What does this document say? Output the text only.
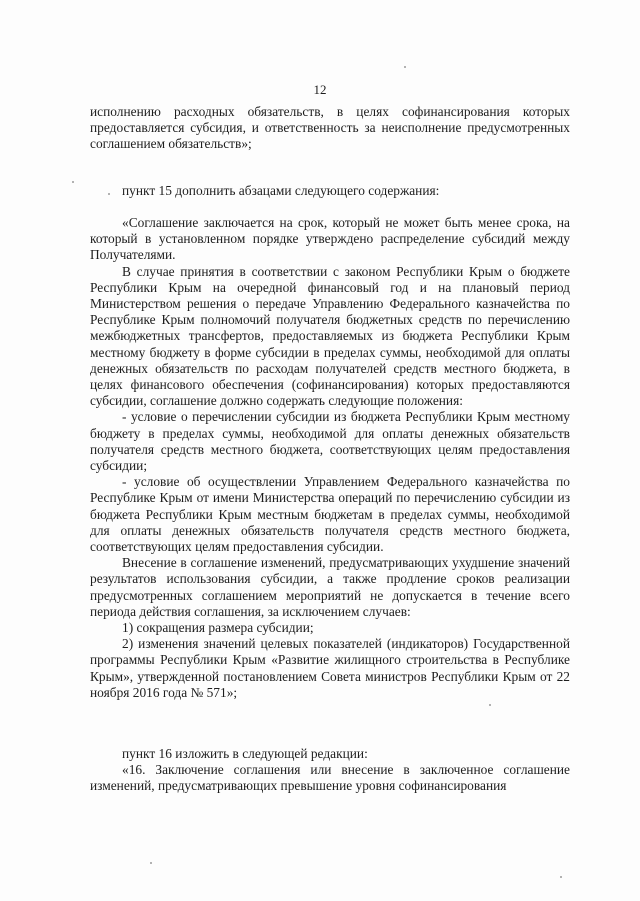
12

исполнению расходных обязательств, в целях софинансирования которых предоставляется субсидия, и ответственность за неисполнение предусмотренных соглашением обязательств»;

пункт 15 дополнить абзацами следующего содержания:

«Соглашение заключается на срок, который не может быть менее срока, на который в установленном порядке утверждено распределение субсидий между Получателями.

В случае принятия в соответствии с законом Республики Крым о бюджете Республики Крым на очередной финансовый год и на плановый период Министерством решения о передаче Управлению Федерального казначейства по Республике Крым полномочий получателя бюджетных средств по перечислению межбюджетных трансфертов, предоставляемых из бюджета Республики Крым местному бюджету в форме субсидии в пределах суммы, необходимой для оплаты денежных обязательств по расходам получателей средств местного бюджета, в целях финансового обеспечения (софинансирования) которых предоставляются субсидии, соглашение должно содержать следующие положения:

- условие о перечислении субсидии из бюджета Республики Крым местному бюджету в пределах суммы, необходимой для оплаты денежных обязательств получателя средств местного бюджета, соответствующих целям предоставления субсидии;

- условие об осуществлении Управлением Федерального казначейства по Республике Крым от имени Министерства операций по перечислению субсидии из бюджета Республики Крым местным бюджетам в пределах суммы, необходимой для оплаты денежных обязательств получателя средств местного бюджета, соответствующих целям предоставления субсидии.

Внесение в соглашение изменений, предусматривающих ухудшение значений результатов использования субсидии, а также продление сроков реализации предусмотренных соглашением мероприятий не допускается в течение всего периода действия соглашения, за исключением случаев:

1) сокращения размера субсидии;

2) изменения значений целевых показателей (индикаторов) Государственной программы Республики Крым «Развитие жилищного строительства в Республике Крым», утвержденной постановлением Совета министров Республики Крым от 22 ноября 2016 года № 571»;

пункт 16 изложить в следующей редакции:

«16. Заключение соглашения или внесение в заключенное соглашение изменений, предусматривающих превышение уровня софинансирования
